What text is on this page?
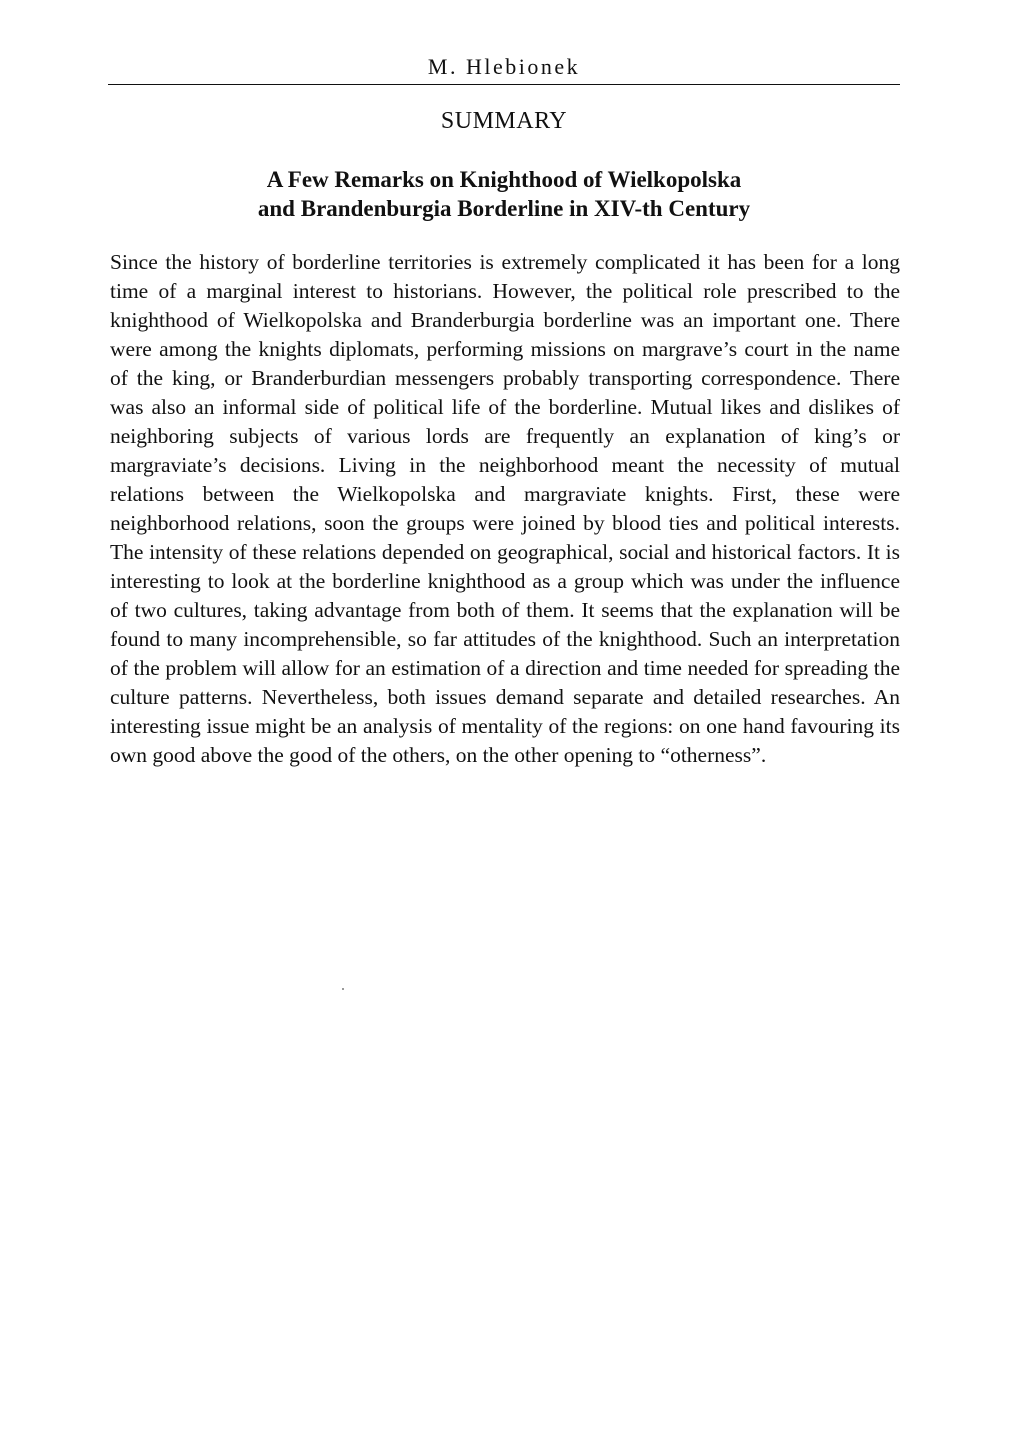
M. Hlebionek
SUMMARY
A Few Remarks on Knighthood of Wielkopolska
and Brandenburgia Borderline in XIV-th Century

Since the history of borderline territories is extremely complicated it has been for a long time of a marginal interest to historians. However, the political role prescribed to the knighthood of Wielkopolska and Branderburgia borderline was an important one. There were among the knights diplomats, performing missions on margrave’s court in the name of the king, or Branderburdian messengers probably transporting correspondence. There was also an informal side of political life of the borderline. Mutual likes and dislikes of neighboring subjects of various lords are frequently an explanation of king’s or margraviate’s decisions. Living in the neighborhood meant the necessity of mutual relations between the Wielkopolska and margraviate knights. First, these were neighborhood relations, soon the groups were joined by blood ties and political interests. The intensity of these relations depended on geographical, social and historical factors. It is interesting to look at the borderline knighthood as a group which was under the influence of two cultures, taking advantage from both of them. It seems that the explanation will be found to many incomprehensible, so far attitudes of the knighthood. Such an interpretation of the problem will allow for an estimation of a direction and time needed for spreading the culture patterns. Nevertheless, both issues demand separate and detailed researches. An interesting issue might be an analysis of mentality of the regions: on one hand favouring its own good above the good of the others, on the other opening to “otherness”.
